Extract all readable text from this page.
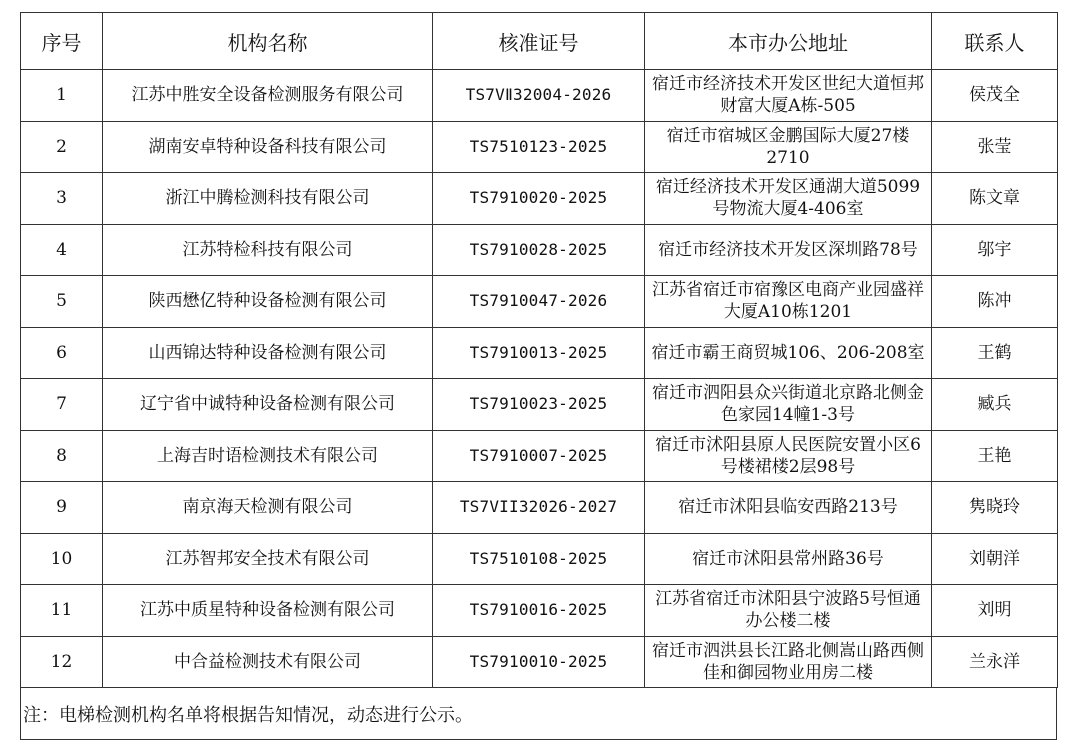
序号	机构名称	核准证号	本市办公地址	联系人
1	江苏中胜安全设备检测服务有限公司	TS7VⅡ32004-2026	宿迁市经济技术开发区世纪大道恒邦财富大厦A栋-505	侯茂全
2	湖南安卓特种设备科技有限公司	TS7510123-2025	宿迁市宿城区金鹏国际大厦27楼2710	张莹
3	浙江中腾检测科技有限公司	TS7910020-2025	宿迁经济技术开发区通湖大道5099号物流大厦4-406室	陈文章
4	江苏特检科技有限公司	TS7910028-2025	宿迁市经济技术开发区深圳路78号	邬宇
5	陕西懋亿特种设备检测有限公司	TS7910047-2026	江苏省宿迁市宿豫区电商产业园盛祥大厦A10栋1201	陈冲
6	山西锦达特种设备检测有限公司	TS7910013-2025	宿迁市霸王商贸城106、206-208室	王鹤
7	辽宁省中诚特种设备检测有限公司	TS7910023-2025	宿迁市泗阳县众兴街道北京路北侧金色家园14幢1-3号	臧兵
8	上海吉时语检测技术有限公司	TS7910007-2025	宿迁市沭阳县原人民医院安置小区6号楼裙楼2层98号	王艳
9	南京海天检测有限公司	TS7VII32026-2027	宿迁市沭阳县临安西路213号	隽晓玲
10	江苏智邦安全技术有限公司	TS7510108-2025	宿迁市沭阳县常州路36号	刘朝洋
11	江苏中质星特种设备检测有限公司	TS7910016-2025	江苏省宿迁市沭阳县宁波路5号恒通办公楼二楼	刘明
12	中合益检测技术有限公司	TS7910010-2025	宿迁市泗洪县长江路北侧嵩山路西侧佳和御园物业用房二楼	兰永洋
注：电梯检测机构名单将根据告知情况，动态进行公示。
